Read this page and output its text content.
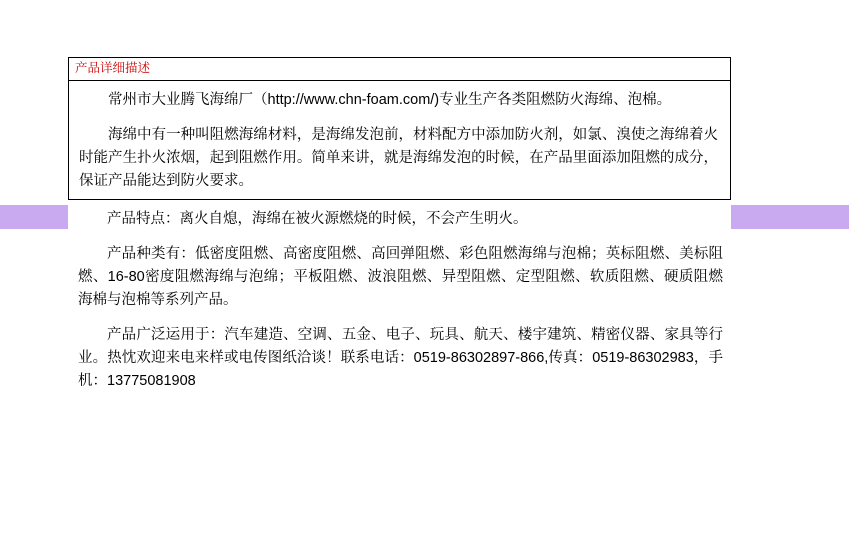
产品详细描述

常州市大业腾飞海绵厂（http://www.chn-foam.com/)专业生产各类阻燃防火海绵、泡棉。

海绵中有一种叫阻燃海绵材料，是海绵发泡前，材料配方中添加防火剂，如氯、溴使之海绵着火时能产生扑火浓烟，起到阻燃作用。简单来讲，就是海绵发泡的时候，在产品里面添加阻燃的成分，保证产品能达到防火要求。

产品特点：离火自熄，海绵在被火源燃烧的时候，不会产生明火。

产品种类有：低密度阻燃、高密度阻燃、高回弹阻燃、彩色阻燃海绵与泡棉；英标阻燃、美标阻燃、16-80密度阻燃海绵与泡绵；平板阻燃、波浪阻燃、异型阻燃、定型阻燃、软质阻燃、硬质阻燃海棉与泡棉等系列产品。

产品广泛运用于：汽车建造、空调、五金、电子、玩具、航天、楼宇建筑、精密仪器、家具等行业。热忱欢迎来电来样或电传图纸洽谈！联系电话：0519-86302897-866,传真：0519-86302983，手机：13775081908
